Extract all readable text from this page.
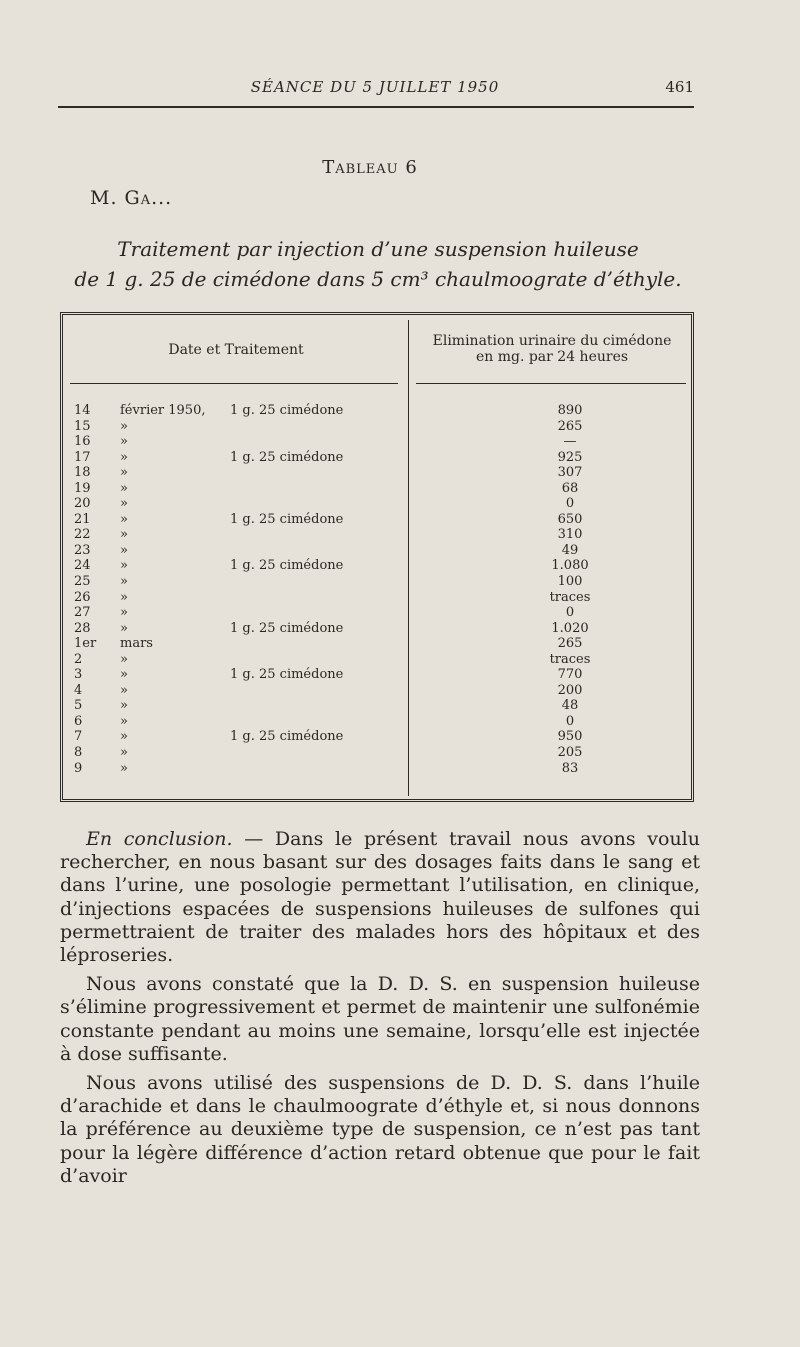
SÉANCE DU 5 JUILLET 1950	461
Tableau 6
M. Ga...
Traitement par injection d’une suspension huileuse
de 1 g. 25 de cimédone dans 5 cm³ chaulmoograte d’éthyle.
Date et Traitement
Elimination urinaire du cimédone
en mg. par 24 heures
14 février 1950, 1 g. 25 cimédone	890
15 »	265
16 »	—
17 »	1 g. 25 cimédone	925
18 »	307
19 »	68
20 »	0
21 »	1 g. 25 cimédone	650
22 »	310
23 »	49
24 »	1 g. 25 cimédone	1.080
25 »	100
26 »	traces
27 »	0
28 »	1 g. 25 cimédone	1.020
1er mars	265
2	»	traces
3	»	1 g. 25 cimédone	770
4	»	200
5	»	48
6	»	0
7	»	1 g. 25 cimédone	950
8	»	205
9	»	83

En conclusion. — Dans le présent travail nous avons voulu rechercher, en nous basant sur des dosages faits dans le sang et dans l’urine, une posologie permettant l’utilisation, en clinique, d’injections espacées de suspensions huileuses de sulfones qui permettraient de traiter des malades hors des hôpitaux et des léproseries.

Nous avons constaté que la D. D. S. en suspension huileuse s’élimine progressivement et permet de maintenir une sulfonémie constante pendant au moins une semaine, lorsqu’elle est injectée à dose suffisante.

Nous avons utilisé des suspensions de D. D. S. dans l’huile d’arachide et dans le chaulmoograte d’éthyle et, si nous donnons la préférence au deuxième type de suspension, ce n’est pas tant pour la légère différence d’action retard obtenue que pour le fait d’avoir
